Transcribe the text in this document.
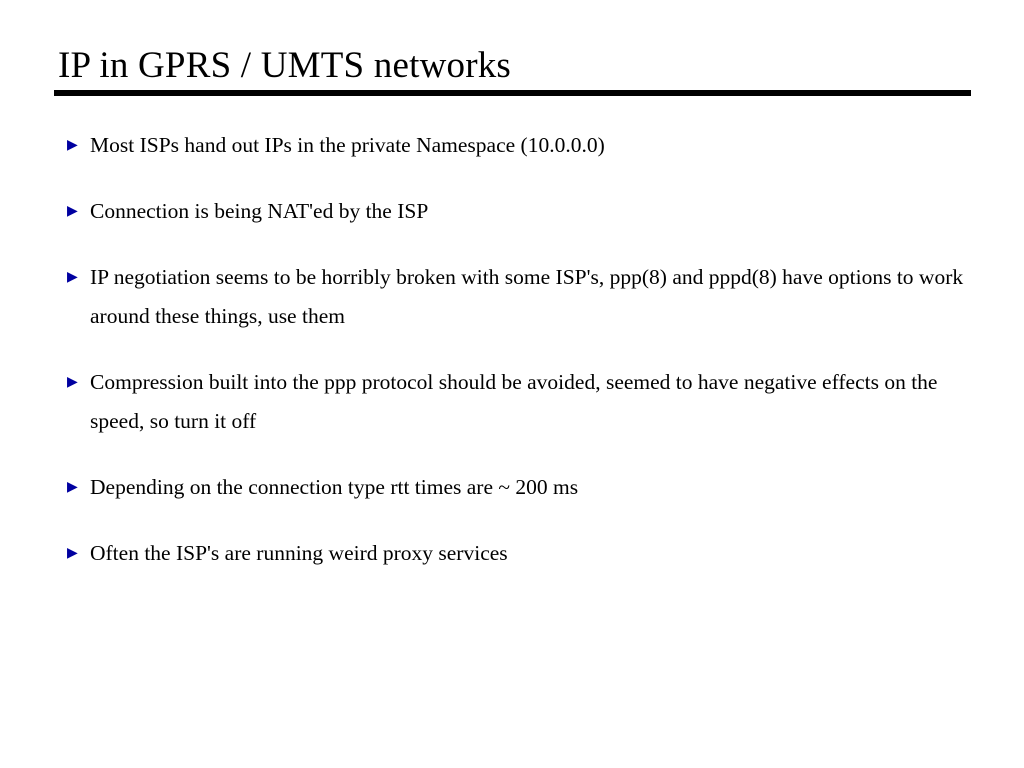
IP in GPRS / UMTS networks
▶ Most ISPs hand out IPs in the private Namespace (10.0.0.0)
▶ Connection is being NAT'ed by the ISP
▶ IP negotiation seems to be horribly broken with some ISP's, ppp(8) and pppd(8) have options to work around these things, use them
▶ Compression built into the ppp protocol should be avoided, seemed to have negative effects on the speed, so turn it off
▶ Depending on the connection type rtt times are ~ 200 ms
▶ Often the ISP's are running weird proxy services
